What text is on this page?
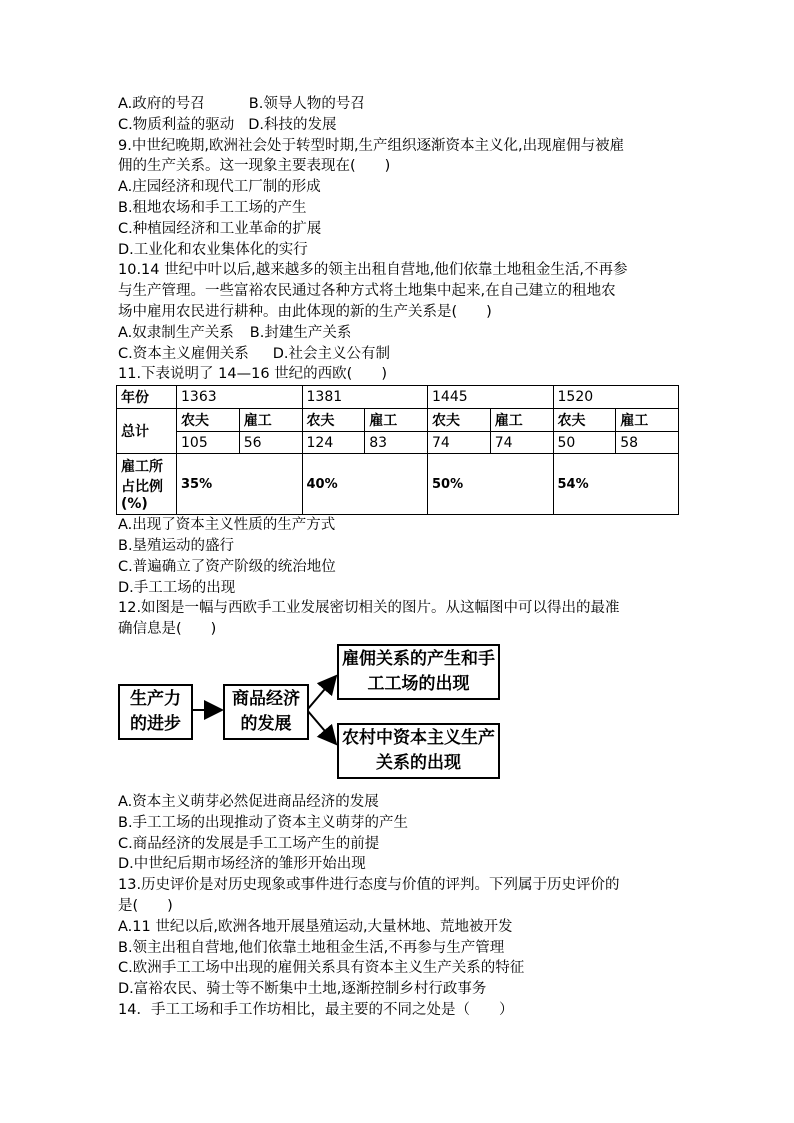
A.政府的号召	B.领导人物的号召
C.物质利益的驱动 D.科技的发展
9.中世纪晚期,欧洲社会处于转型时期,生产组织逐渐资本主义化,出现雇佣与被雇
佣的生产关系。这一现象主要表现在(　　)
A.庄园经济和现代工厂制的形成
B.租地农场和手工工场的产生
C.种植园经济和工业革命的扩展
D.工业化和农业集体化的实行
10.14 世纪中叶以后,越来越多的领主出租自营地,他们依靠土地租金生活,不再参
与生产管理。一些富裕农民通过各种方式将土地集中起来,在自己建立的租地农
场中雇用农民进行耕种。由此体现的新的生产关系是(　　)
A.奴隶制生产关系 B.封建生产关系
C.资本主义雇佣关系 D.社会主义公有制
11.下表说明了 14—16 世纪的西欧(　　)
年份	1363		1381		1445		1520	
总计	农夫	雇工	农夫	雇工	农夫	雇工	农夫	雇工
	105	56	124	83	74	74	50	58
雇工所占比例(%)	35%		40%		50%		54%	
A.出现了资本主义性质的生产方式
B.垦殖运动的盛行
C.普遍确立了资产阶级的统治地位
D.手工工场的出现
12.如图是一幅与西欧手工业发展密切相关的图片。从这幅图中可以得出的最准
确信息是(　　)
生产力的进步
商品经济的发展
雇佣关系的产生和手工工场的出现
农村中资本主义生产关系的出现
A.资本主义萌芽必然促进商品经济的发展
B.手工工场的出现推动了资本主义萌芽的产生
C.商品经济的发展是手工工场产生的前提
D.中世纪后期市场经济的雏形开始出现
13.历史评价是对历史现象或事件进行态度与价值的评判。下列属于历史评价的
是(　　)
A.11 世纪以后,欧洲各地开展垦殖运动,大量林地、荒地被开发
B.领主出租自营地,他们依靠土地租金生活,不再参与生产管理
C.欧洲手工工场中出现的雇佣关系具有资本主义生产关系的特征
D.富裕农民、骑士等不断集中土地,逐渐控制乡村行政事务
14．手工工场和手工作坊相比，最主要的不同之处是（　　）
